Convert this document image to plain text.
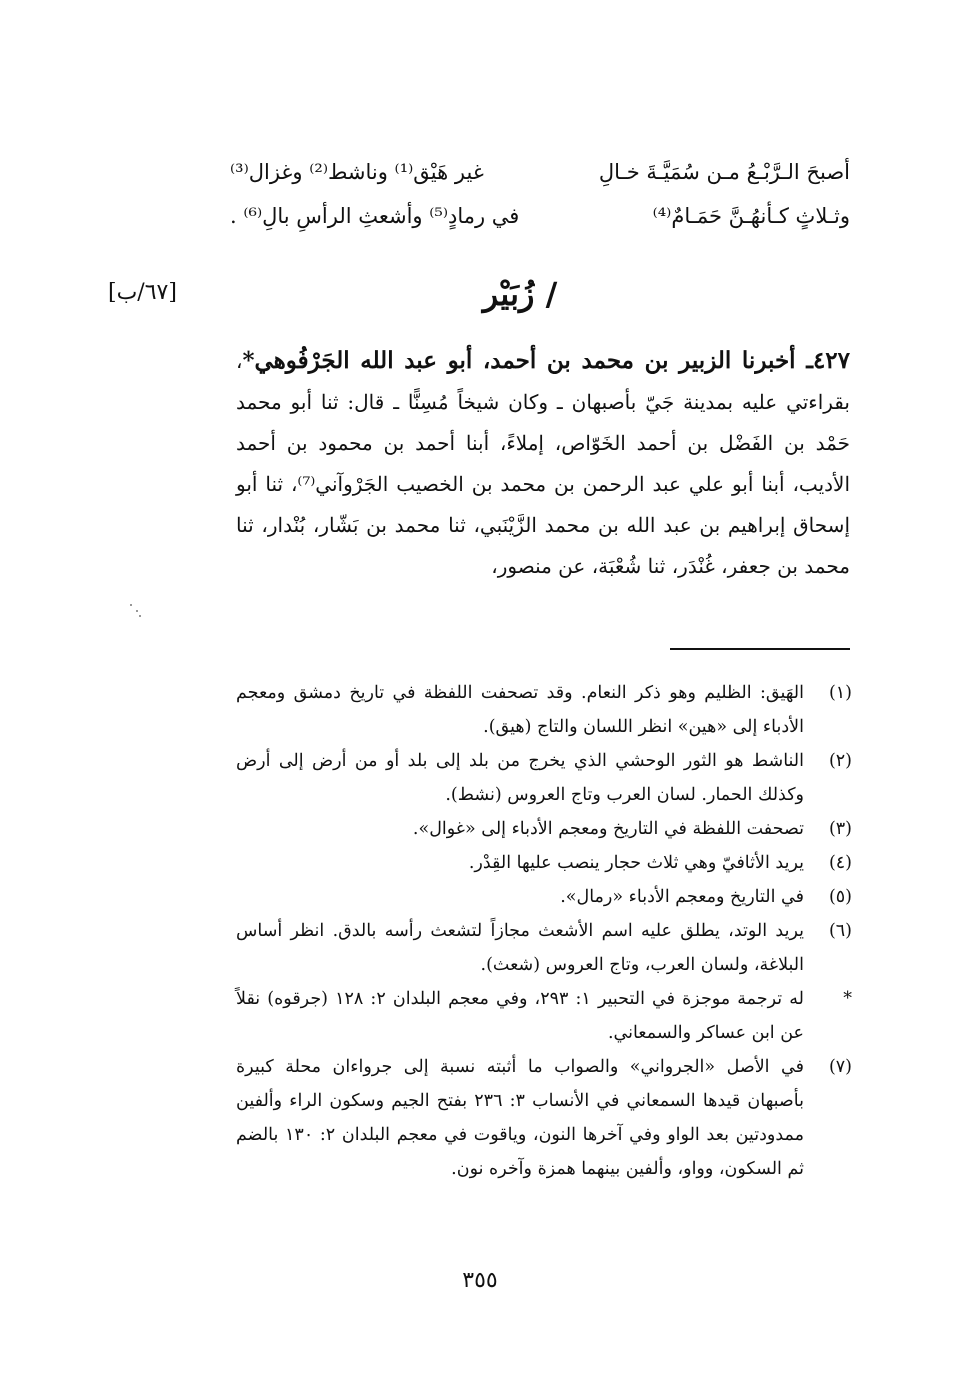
أصبحَ الـرَّبْـعُ مـن سُمَيَّـةَ خـالِ
غير هَيْق⁽¹⁾ وناشط⁽²⁾ وغزال⁽³⁾
وثـلاثٍ كـأنهُـنَّ حَمَـامٌ⁽⁴⁾
في رمادٍ⁽⁵⁾ وأشعثِ الرأسِ بالِ⁽⁶⁾ .
[٦٧/ب]	/ زُبَيْر
٤٢٧ـ أخبرنا الزبير بن محمد بن أحمد، أبو عبد الله الجَرْفُوهي*، بقراءتي عليه بمدينة جَيّ بأصبهان ـ وكان شيخاً مُسِنًّا ـ قال: ثنا أبو محمد حَمْد بن الفَضْل بن أحمد الخَوّاص، إملاءً، أبنا أحمد بن محمود بن أحمد الأديب، أبنا أبو علي عبد الرحمن بن محمد بن الخصيب الجَرْوآني⁽⁷⁾، ثنا أبو إسحاق إبراهيم بن عبد الله بن محمد الزَّيْنَبي، ثنا محمد بن بَشّار، بُنْدار، ثنا محمد بن جعفر، غُنْدَر، ثنا شُعْبَة، عن منصور،
(١)
الهَيق: الظليم وهو ذكر النعام. وقد تصحفت اللفظة في تاريخ دمشق ومعجم الأدباء إلى «هين» انظر اللسان والتاج (هيق).
(٢)
الناشط هو الثور الوحشي الذي يخرج من بلد إلى بلد أو من أرض إلى أرض وكذلك الحمار. لسان العرب وتاج العروس (نشط).
(٣)
تصحفت اللفظة في التاريخ ومعجم الأدباء إلى «غوال».
(٤)
يريد الأثافيّ وهي ثلاث حجار ينصب عليها القِدْر.
(٥)
في التاريخ ومعجم الأدباء «رمال».
(٦)
يريد الوتد، يطلق عليه اسم الأشعث مجازاً لتشعث رأسه بالدق. انظر أساس البلاغة، ولسان العرب، وتاج العروس (شعث).
*
له ترجمة موجزة في التحبير ١: ٢٩٣، وفي معجم البلدان ٢: ١٢٨ (جرقوه) نقلاً عن ابن عساكر والسمعاني.
(٧)
في الأصل «الجرواني» والصواب ما أثبته نسبة إلى جرواءان محلة كبيرة بأصبهان قيدها السمعاني في الأنساب ٣: ٢٣٦ بفتح الجيم وسكون الراء وألفين ممدودتين بعد الواو وفي آخرها النون، وياقوت في معجم البلدان ٢: ١٣٠ بالضم ثم السكون، وواو، وألفين بينهما همزة وآخره نون.
٣٥٥
